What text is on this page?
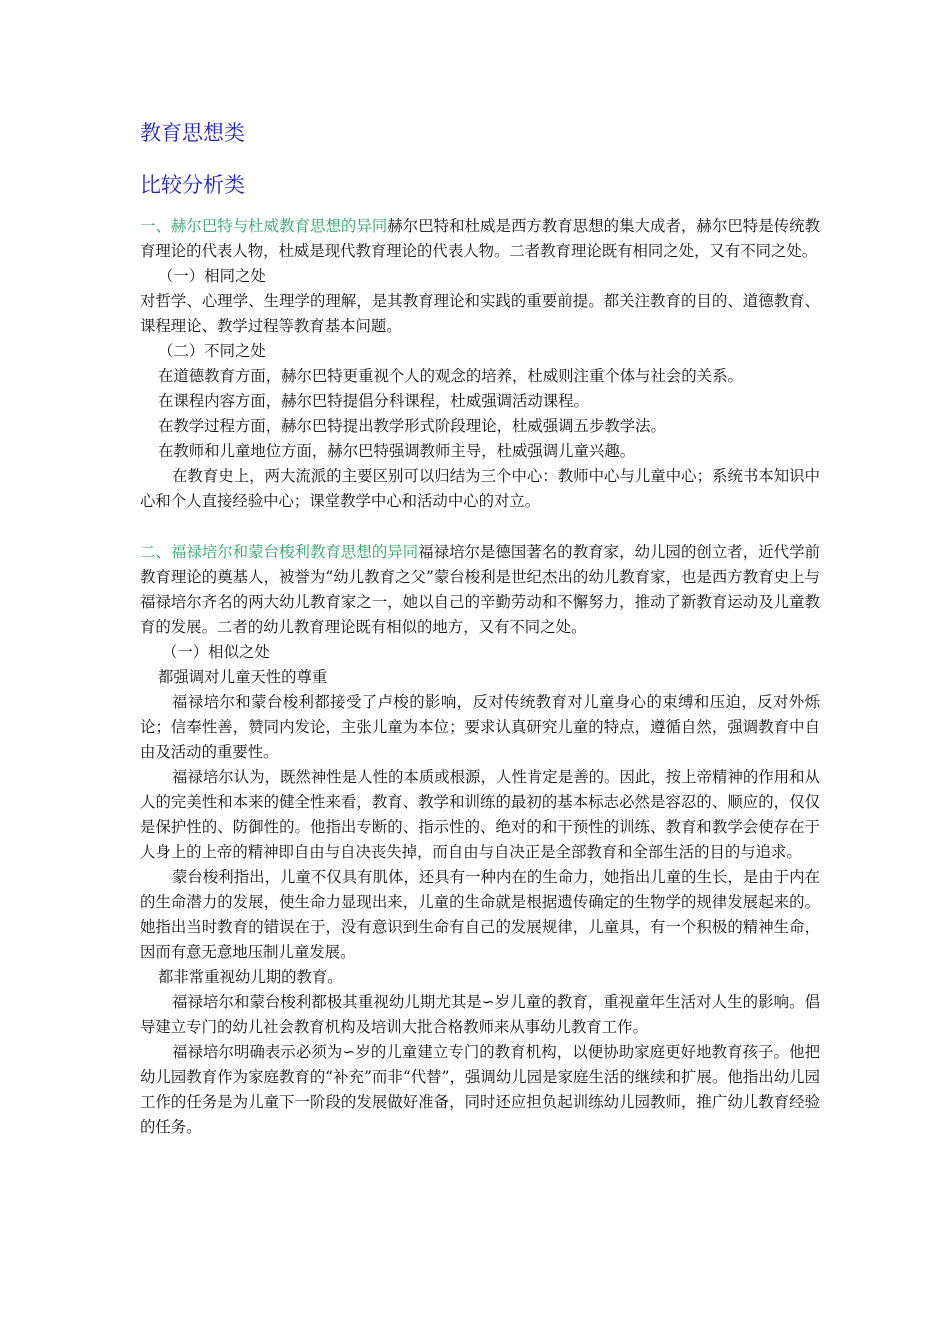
教育思想类
比较分析类

一、赫尔巴特与杜威教育思想的异同赫尔巴特和杜威是西方教育思想的集大成者，赫尔巴特是传统教育理论的代表人物，杜威是现代教育理论的代表人物。二者教育理论既有相同之处，又有不同之处。

（一）相同之处

对哲学、心理学、生理学的理解，是其教育理论和实践的重要前提。都关注教育的目的、道德教育、课程理论、教学过程等教育基本问题。

（二）不同之处

在道德教育方面，赫尔巴特更重视个人的观念的培养，杜威则注重个体与社会的关系。

在课程内容方面，赫尔巴特提倡分科课程，杜威强调活动课程。

在教学过程方面，赫尔巴特提出教学形式阶段理论，杜威强调五步教学法。

在教师和儿童地位方面，赫尔巴特强调教师主导，杜威强调儿童兴趣。

在教育史上，两大流派的主要区别可以归结为三个中心：教师中心与儿童中心；系统书本知识中心和个人直接经验中心；课堂教学中心和活动中心的对立。

二、福禄培尔和蒙台梭利教育思想的异同福禄培尔是德国著名的教育家，幼儿园的创立者，近代学前教育理论的奠基人，被誉为“幼儿教育之父”蒙台梭利是世纪杰出的幼儿教育家，也是西方教育史上与福禄培尔齐名的两大幼儿教育家之一，她以自己的辛勤劳动和不懈努力，推动了新教育运动及儿童教育的发展。二者的幼儿教育理论既有相似的地方，又有不同之处。

（一）相似之处

都强调对儿童天性的尊重

福禄培尔和蒙台梭利都接受了卢梭的影响，反对传统教育对儿童身心的束缚和压迫，反对外烁论；信奉性善，赞同内发论，主张儿童为本位；要求认真研究儿童的特点，遵循自然，强调教育中自由及活动的重要性。

福禄培尔认为，既然神性是人性的本质或根源，人性肯定是善的。因此，按上帝精神的作用和从人的完美性和本来的健全性来看，教育、教学和训练的最初的基本标志必然是容忍的、顺应的，仅仅是保护性的、防御性的。他指出专断的、指示性的、绝对的和干预性的训练、教育和教学会使存在于人身上的上帝的精神即自由与自决丧失掉，而自由与自决正是全部教育和全部生活的目的与追求。

蒙台梭利指出，儿童不仅具有肌体，还具有一种内在的生命力，她指出儿童的生长，是由于内在的生命潜力的发展，使生命力显现出来，儿童的生命就是根据遗传确定的生物学的规律发展起来的。她指出当时教育的错误在于，没有意识到生命有自己的发展规律，儿童具，有一个积极的精神生命，因而有意无意地压制儿童发展。

都非常重视幼儿期的教育。

福禄培尔和蒙台梭利都极其重视幼儿期尤其是∽岁儿童的教育，重视童年生活对人生的影响。倡导建立专门的幼儿社会教育机构及培训大批合格教师来从事幼儿教育工作。

福禄培尔明确表示必须为∽岁的儿童建立专门的教育机构，以便协助家庭更好地教育孩子。他把幼儿园教育作为家庭教育的“补充”而非“代替”，强调幼儿园是家庭生活的继续和扩展。他指出幼儿园工作的任务是为儿童下一阶段的发展做好准备，同时还应担负起训练幼儿园教师，推广幼儿教育经验的任务。
